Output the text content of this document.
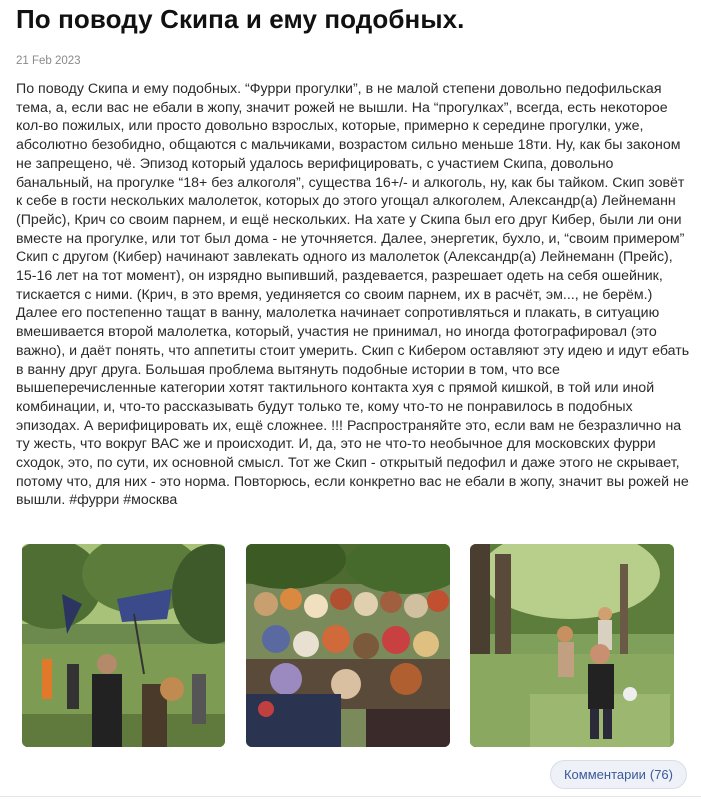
По поводу Скипа и ему подобных.
21 Feb 2023
По поводу Скипа и ему подобных. “Фурри прогулки”, в не малой степени довольно педофильская тема, а, если вас не ебали в жопу, значит рожей не вышли. На “прогулках”, всегда, есть некоторое кол-во пожилых, или просто довольно взрослых, которые, примерно к середине прогулки, уже, абсолютно безобидно, общаются с мальчиками, возрастом сильно меньше 18ти. Ну, как бы законом не запрещено, чё. Эпизод который удалось верифицировать, с участием Скипа, довольно банальный, на прогулке “18+ без алкоголя”, существа 16+/- и алкоголь, ну, как бы тайком. Скип зовёт к себе в гости нескольких малолеток, которых до этого угощал алкоголем, Александр(а) Лейнеманн (Прейс), Крич со своим парнем, и ещё нескольких. На хате у Скипа был его друг Кибер, были ли они вместе на прогулке, или тот был дома - не уточняется. Далее, энергетик, бухло, и, “своим примером” Скип с другом (Кибер) начинают завлекать одного из малолеток (Александр(а) Лейнеманн (Прейс), 15-16 лет на тот момент), он изрядно выпивший, раздевается, разрешает одеть на себя ошейник, тискается с ними. (Крич, в это время, уединяется со своим парнем, их в расчёт, эм..., не берём.) Далее его постепенно тащат в ванну, малолетка начинает сопротивляться и плакать, в ситуацию вмешивается второй малолетка, который, участия не принимал, но иногда фотографировал (это важно), и даёт понять, что аппетиты стоит умерить. Скип с Кибером оставляют эту идею и идут ебать в ванну друг друга. Большая проблема вытянуть подобные истории в том, что все вышеперечисленные категории хотят тактильного контакта хуя с прямой кишкой, в той или иной комбинации, и, что-то рассказывать будут только те, кому что-то не понравилось в подобных эпизодах. А верифицировать их, ещё сложнее. !!! Распространяйте это, если вам не безразлично на ту жесть, что вокруг ВАС же и происходит. И, да, это не что-то необычное для московских фурри сходок, это, по сути, их основной смысл. Тот же Скип - открытый педофил и даже этого не скрывает, потому что, для них - это норма. Повторюсь, если конкретно вас не ебали в жопу, значит вы рожей не вышли. #фурри #москва
Комментарии (76)
